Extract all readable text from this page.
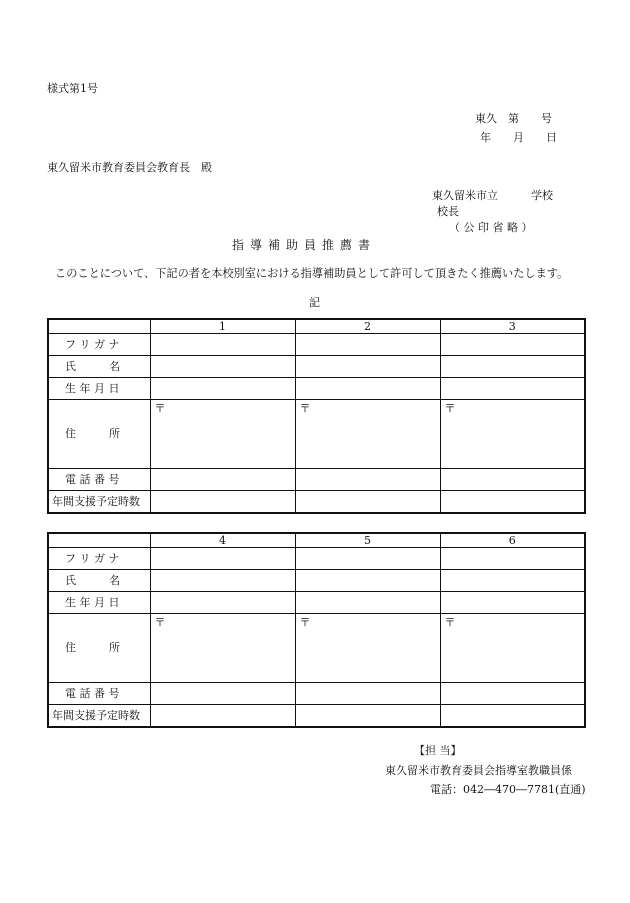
様式第1号
東久　第　　号
年　　月　　日
東久留米市教育委員会教育長　殿
東久留米市立　　　学校
校長
（ 公 印 省 略 ）
指導補助員推薦書
このことについて、下記の者を本校別室における指導補助員として許可して頂きたく推薦いたします。
記
	1	2	3
フ リ ガ ナ			
氏　　　名			
生 年 月 日			
住　　　所	〒	〒	〒
電 話 番 号			
年間支援予定時数			
	4	5	6
フ リ ガ ナ			
氏　　　名			
生 年 月 日			
住　　　所	〒	〒	〒
電 話 番 号			
年間支援予定時数			
【担 当】
東久留米市教育委員会指導室教職員係
電話：042―470―7781(直通)
